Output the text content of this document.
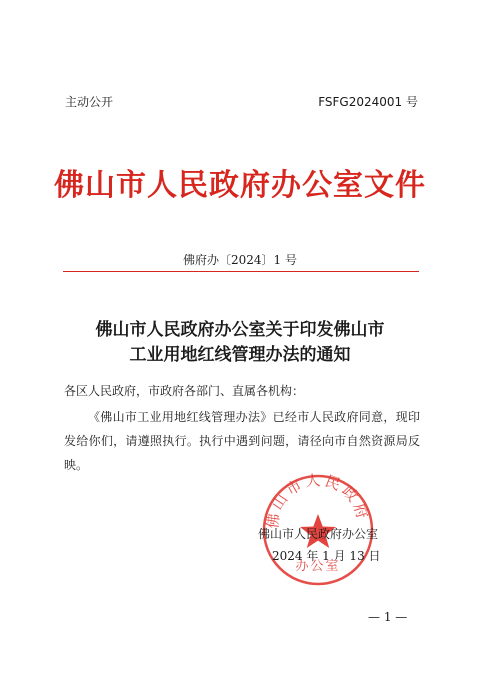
主动公开	FSFG2024001 号
佛山市人民政府办公室文件
佛府办〔2024〕1 号
佛山市人民政府办公室关于印发佛山市
工业用地红线管理办法的通知
各区人民政府，市政府各部门、直属各机构：
《佛山市工业用地红线管理办法》已经市人民政府同意，现印发给你们，请遵照执行。执行中遇到问题，请径向市自然资源局反映。
佛山市人民政府
办公室
佛山市人民政府办公室
2024 年 1 月 13 日
— 1 —
